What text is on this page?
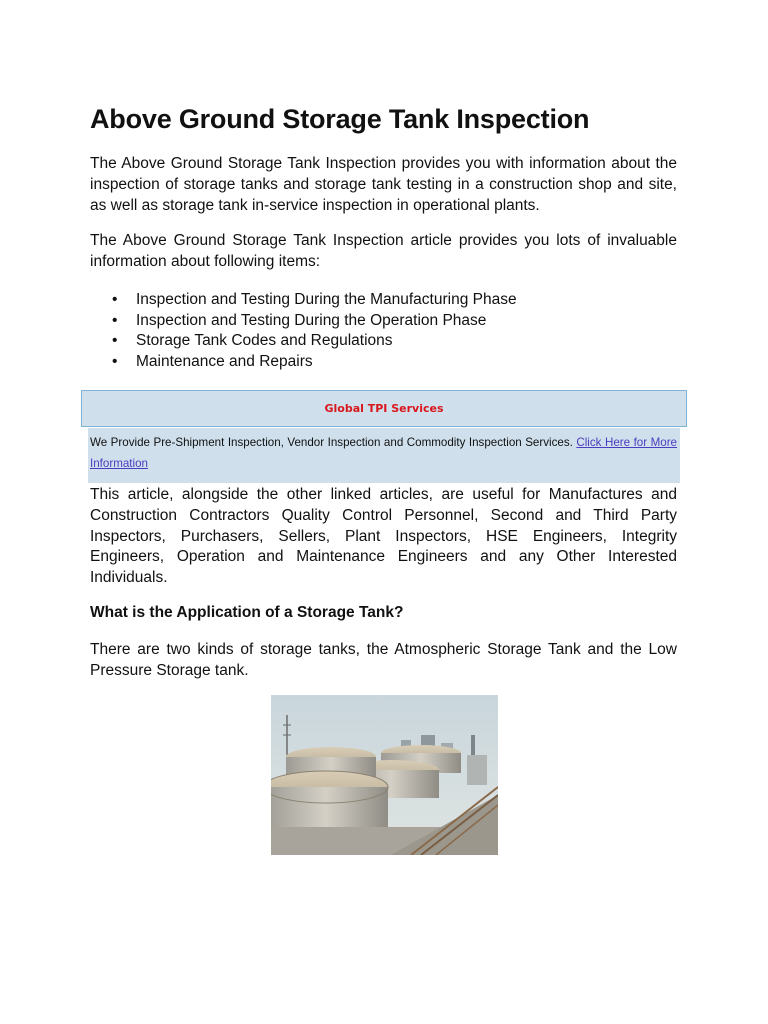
Above Ground Storage Tank Inspection

The Above Ground Storage Tank Inspection provides you with information about the inspection of storage tanks and storage tank testing in a construction shop and site, as well as storage tank in-service inspection in operational plants.

The Above Ground Storage Tank Inspection article provides you lots of invaluable information about following items:

• Inspection and Testing During the Manufacturing Phase
• Inspection and Testing During the Operation Phase
• Storage Tank Codes and Regulations
• Maintenance and Repairs

This article, alongside the other linked articles, are useful for Manufactures and Construction Contractors Quality Control Personnel, Second and Third Party Inspectors, Purchasers, Sellers, Plant Inspectors, HSE Engineers, Integrity Engineers, Operation and Maintenance Engineers and any Other Interested Individuals.

What is the Application of a Storage Tank?

There are two kinds of storage tanks, the Atmospheric Storage Tank and the Low Pressure Storage tank.

Global TPI Services
We Provide Pre-Shipment Inspection, Vendor Inspection and Commodity Inspection Services. Click Here for More Information
